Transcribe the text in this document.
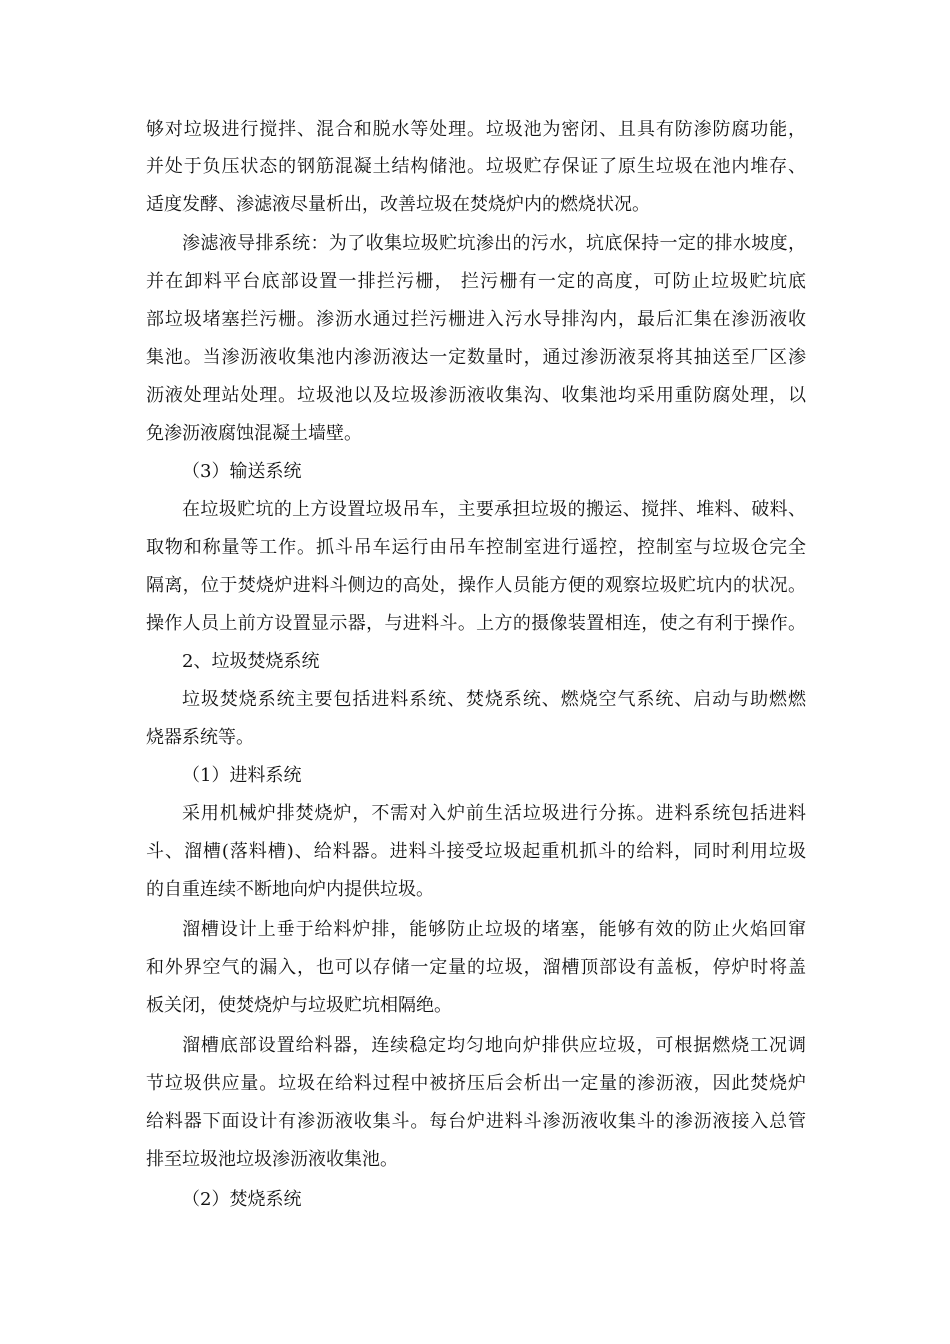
够对垃圾进行搅拌、混合和脱水等处理。垃圾池为密闭、且具有防渗防腐功能，
并处于负压状态的钢筋混凝土结构储池。垃圾贮存保证了原生垃圾在池内堆存、
适度发酵、渗滤液尽量析出，改善垃圾在焚烧炉内的燃烧状况。
渗滤液导排系统：为了收集垃圾贮坑渗出的污水，坑底保持一定的排水坡度，
并在卸料平台底部设置一排拦污栅， 拦污栅有一定的高度，可防止垃圾贮坑底
部垃圾堵塞拦污栅。渗沥水通过拦污栅进入污水导排沟内，最后汇集在渗沥液收
集池。当渗沥液收集池内渗沥液达一定数量时，通过渗沥液泵将其抽送至厂区渗
沥液处理站处理。垃圾池以及垃圾渗沥液收集沟、收集池均采用重防腐处理，以
免渗沥液腐蚀混凝土墙壁。
（3）输送系统
在垃圾贮坑的上方设置垃圾吊车，主要承担垃圾的搬运、搅拌、堆料、破料、
取物和称量等工作。抓斗吊车运行由吊车控制室进行遥控，控制室与垃圾仓完全
隔离，位于焚烧炉进料斗侧边的高处，操作人员能方便的观察垃圾贮坑内的状况。
操作人员上前方设置显示器，与进料斗。上方的摄像装置相连，使之有利于操作。
2、垃圾焚烧系统
垃圾焚烧系统主要包括进料系统、焚烧系统、燃烧空气系统、启动与助燃燃
烧器系统等。
（1）进料系统
采用机械炉排焚烧炉，不需对入炉前生活垃圾进行分拣。进料系统包括进料
斗、溜槽(落料槽)、给料器。进料斗接受垃圾起重机抓斗的给料，同时利用垃圾
的自重连续不断地向炉内提供垃圾。
溜槽设计上垂于给料炉排，能够防止垃圾的堵塞，能够有效的防止火焰回窜
和外界空气的漏入，也可以存储一定量的垃圾，溜槽顶部设有盖板，停炉时将盖
板关闭，使焚烧炉与垃圾贮坑相隔绝。
溜槽底部设置给料器，连续稳定均匀地向炉排供应垃圾，可根据燃烧工况调
节垃圾供应量。垃圾在给料过程中被挤压后会析出一定量的渗沥液，因此焚烧炉
给料器下面设计有渗沥液收集斗。每台炉进料斗渗沥液收集斗的渗沥液接入总管
排至垃圾池垃圾渗沥液收集池。
（2）焚烧系统
